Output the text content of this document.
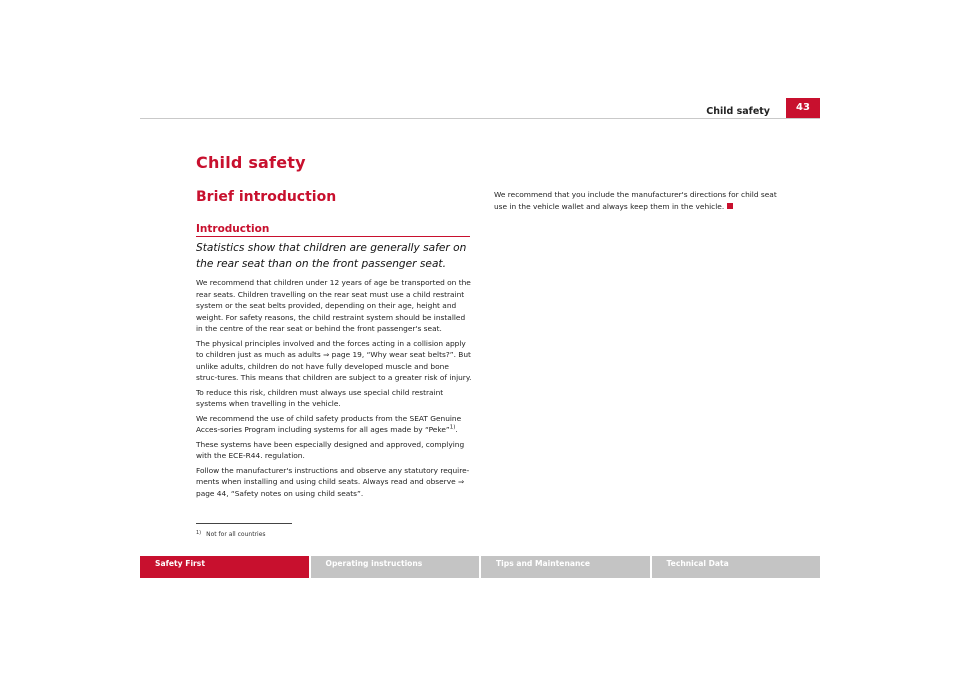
Child safety	43
Child safety
Brief introduction
Introduction

Statistics show that children are generally safer on the rear seat than on the front passenger seat.

We recommend that children under 12 years of age be transported on the rear seats. Children travelling on the rear seat must use a child restraint system or the seat belts provided, depending on their age, height and weight. For safety reasons, the child restraint system should be installed in the centre of the rear seat or behind the front passenger's seat.

The physical principles involved and the forces acting in a collision apply to children just as much as adults ⇒ page 19, “Why wear seat belts?”. But unlike adults, children do not have fully developed muscle and bone struc-tures. This means that children are subject to a greater risk of injury.

To reduce this risk, children must always use special child restraint systems when travelling in the vehicle.

We recommend the use of child safety products from the SEAT Genuine Acces-sories Program including systems for all ages made by “Peke”$^{1)}$.

These systems have been especially designed and approved, complying with the ECE-R44. regulation.

Follow the manufacturer's instructions and observe any statutory require-ments when installing and using child seats. Always read and observe ⇒ page 44, “Safety notes on using child seats”.

We recommend that you include the manufacturer's directions for child seat use in the vehicle wallet and always keep them in the vehicle.

$^{1)}$ Not for all countries
Safety First	Operating instructions	Tips and Maintenance	Technical Data
